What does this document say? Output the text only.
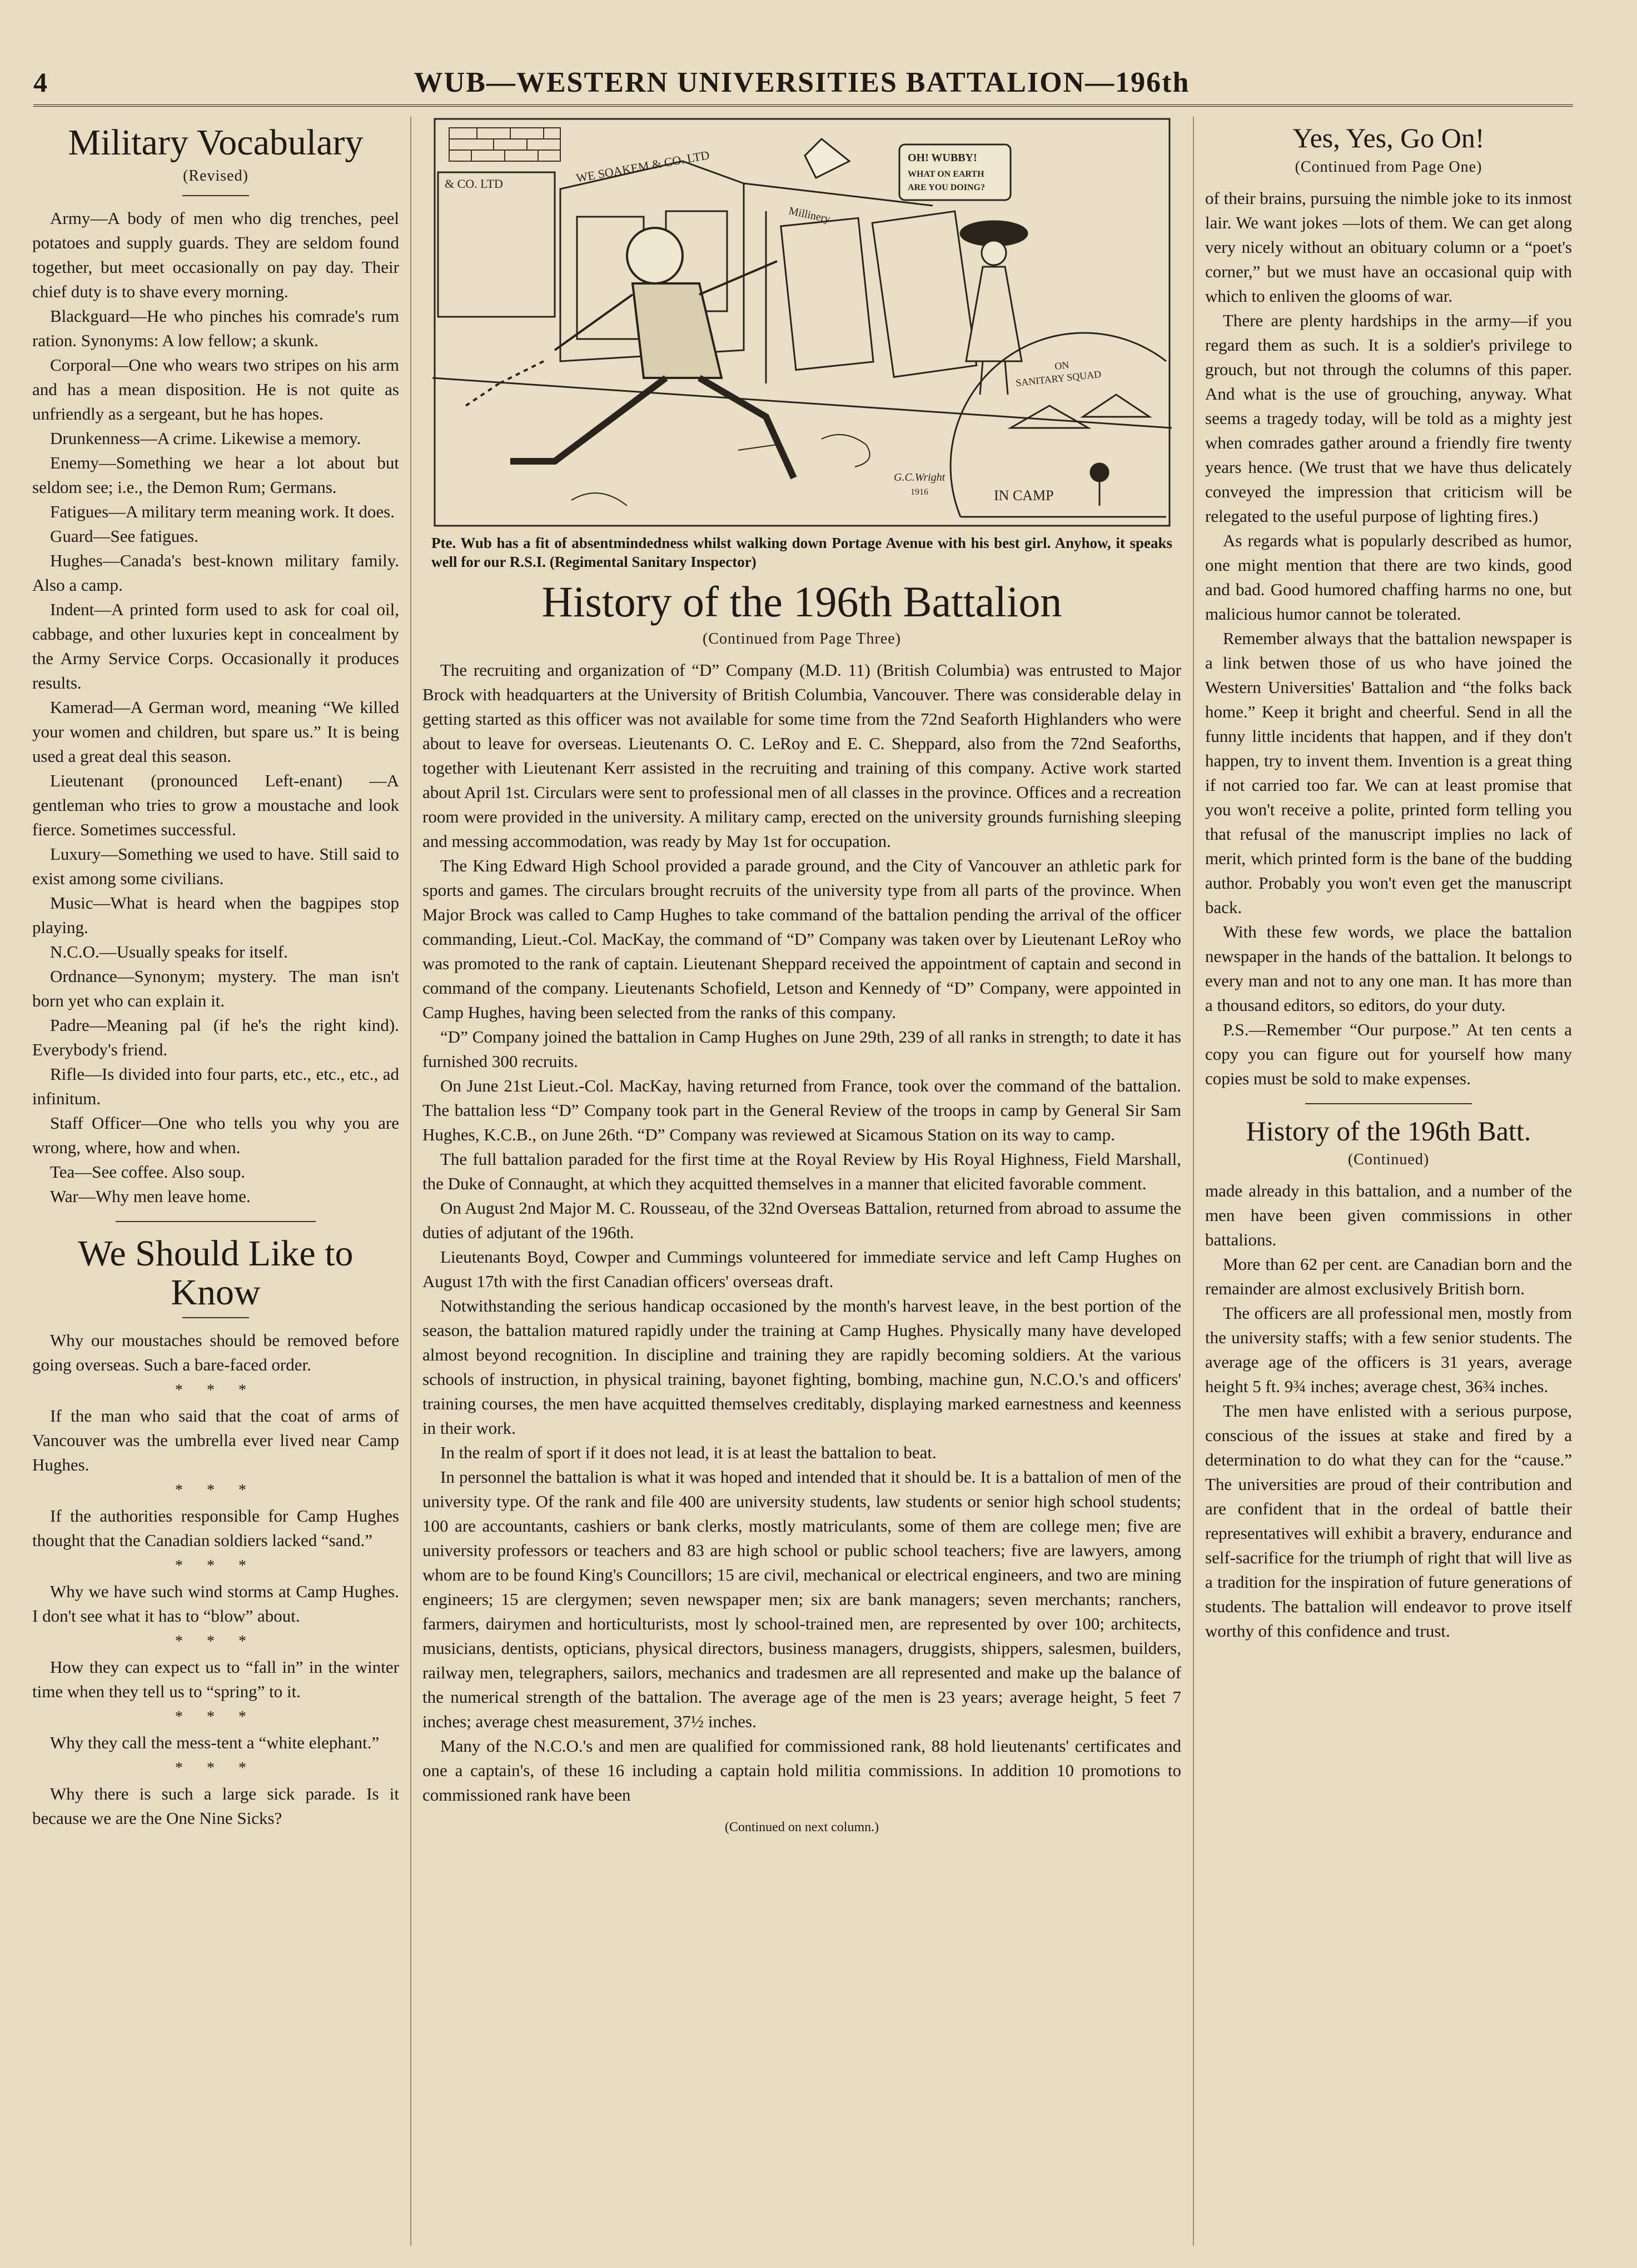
4	WUB—WESTERN UNIVERSITIES BATTALION—196th
Military Vocabulary
(Revised)

Army—A body of men who dig trenches, peel potatoes and supply guards. They are seldom found together, but meet occasionally on pay day. Their chief duty is to shave every morning.

Blackguard—He who pinches his comrade's rum ration. Synonyms: A low fellow; a skunk.

Corporal—One who wears two stripes on his arm and has a mean disposition. He is not quite as unfriendly as a sergeant, but he has hopes.

Drunkenness—A crime. Likewise a memory.

Enemy—Something we hear a lot about but seldom see; i.e., the Demon Rum; Germans.

Fatigues—A military term meaning work. It does.

Guard—See fatigues.

Hughes—Canada's best-known military family. Also a camp.

Indent—A printed form used to ask for coal oil, cabbage, and other luxuries kept in concealment by the Army Service Corps. Occasionally it produces results.

Kamerad—A German word, meaning “We killed your women and children, but spare us.” It is being used a great deal this season.

Lieutenant (pronounced Left-enant) —A gentleman who tries to grow a moustache and look fierce. Sometimes successful.

Luxury—Something we used to have. Still said to exist among some civilians.

Music—What is heard when the bagpipes stop playing.

N.C.O.—Usually speaks for itself.

Ordnance—Synonym; mystery. The man isn't born yet who can explain it.

Padre—Meaning pal (if he's the right kind). Everybody's friend.

Rifle—Is divided into four parts, etc., etc., etc., ad infinitum.

Staff Officer—One who tells you why you are wrong, where, how and when.

Tea—See coffee. Also soup.

War—Why men leave home.

We Should Like to Know

Why our moustaches should be removed before going overseas. Such a bare-faced order.

* * *

If the man who said that the coat of arms of Vancouver was the umbrella ever lived near Camp Hughes.

* * *

If the authorities responsible for Camp Hughes thought that the Canadian soldiers lacked “sand.”

* * *

Why we have such wind storms at Camp Hughes. I don't see what it has to “blow” about.

* * *

How they can expect us to “fall in” in the winter time when they tell us to “spring” to it.

* * *

Why they call the mess-tent a “white elephant.”

* * *

Why there is such a large sick parade. Is it because we are the One Nine Sicks?

& CO. LTD	WE SOAKEM & CO. LTD
Millinery
OH! WUBBY!
WHAT ON EARTH
ARE YOU DOING?
ON
SANITARY SQUAD
IN CAMP
G.C.Wright
1916
Pte. Wub has a fit of absentmindedness whilst walking down Portage Avenue with his best girl. Anyhow, it speaks well for our R.S.I. (Regimental Sanitary Inspector)
History of the 196th Battalion
(Continued from Page Three)

The recruiting and organization of “D” Company (M.D. 11) (British Columbia) was entrusted to Major Brock with headquarters at the University of British Columbia, Vancouver. There was considerable delay in getting started as this officer was not available for some time from the 72nd Seaforth Highlanders who were about to leave for overseas. Lieutenants O. C. LeRoy and E. C. Sheppard, also from the 72nd Seaforths, together with Lieutenant Kerr assisted in the recruiting and training of this company. Active work started about April 1st. Circulars were sent to professional men of all classes in the province. Offices and a recreation room were provided in the university. A military camp, erected on the university grounds furnishing sleeping and messing accommodation, was ready by May 1st for occupation.

The King Edward High School provided a parade ground, and the City of Vancouver an athletic park for sports and games. The circulars brought recruits of the university type from all parts of the province. When Major Brock was called to Camp Hughes to take command of the battalion pending the arrival of the officer commanding, Lieut.-Col. MacKay, the command of “D” Company was taken over by Lieutenant LeRoy who was promoted to the rank of captain. Lieutenant Sheppard received the appointment of captain and second in command of the company. Lieutenants Schofield, Letson and Kennedy of “D” Company, were appointed in Camp Hughes, having been selected from the ranks of this company.

“D” Company joined the battalion in Camp Hughes on June 29th, 239 of all ranks in strength; to date it has furnished 300 recruits.

On June 21st Lieut.-Col. MacKay, having returned from France, took over the command of the battalion. The battalion less “D” Company took part in the General Review of the troops in camp by General Sir Sam Hughes, K.C.B., on June 26th. “D” Company was reviewed at Sicamous Station on its way to camp.

The full battalion paraded for the first time at the Royal Review by His Royal Highness, Field Marshall, the Duke of Connaught, at which they acquitted themselves in a manner that elicited favorable comment.

On August 2nd Major M. C. Rousseau, of the 32nd Overseas Battalion, returned from abroad to assume the duties of adjutant of the 196th.

Lieutenants Boyd, Cowper and Cummings volunteered for immediate service and left Camp Hughes on August 17th with the first Canadian officers' overseas draft.

Notwithstanding the serious handicap occasioned by the month's harvest leave, in the best portion of the season, the battalion matured rapidly under the training at Camp Hughes. Physically many have developed almost beyond recognition. In discipline and training they are rapidly becoming soldiers. At the various schools of instruction, in physical training, bayonet fighting, bombing, machine gun, N.C.O.'s and officers' training courses, the men have acquitted themselves creditably, displaying marked earnestness and keenness in their work.

In the realm of sport if it does not lead, it is at least the battalion to beat.

In personnel the battalion is what it was hoped and intended that it should be. It is a battalion of men of the university type. Of the rank and file 400 are university students, law students or senior high school students; 100 are accountants, cashiers or bank clerks, mostly matriculants, some of them are college men; five are university professors or teachers and 83 are high school or public school teachers; five are lawyers, among whom are to be found King's Councillors; 15 are civil, mechanical or electrical engineers, and two are mining engineers; 15 are clergymen; seven newspaper men; six are bank managers; seven merchants; ranchers, farmers, dairymen and horticulturists, most ly school-trained men, are represented by over 100; architects, musicians, dentists, opticians, physical directors, business managers, druggists, shippers, salesmen, builders, railway men, telegraphers, sailors, mechanics and tradesmen are all represented and make up the balance of the numerical strength of the battalion. The average age of the men is 23 years; average height, 5 feet 7 inches; average chest measurement, 37½ inches.

Many of the N.C.O.'s and men are qualified for commissioned rank, 88 hold lieutenants' certificates and one a captain's, of these 16 including a captain hold militia commissions. In addition 10 promotions to commissioned rank have been

(Continued on next column.)
Yes, Yes, Go On!
(Continued from Page One)

of their brains, pursuing the nimble joke to its inmost lair. We want jokes —lots of them. We can get along very nicely without an obituary column or a “poet's corner,” but we must have an occasional quip with which to enliven the glooms of war.

There are plenty hardships in the army—if you regard them as such. It is a soldier's privilege to grouch, but not through the columns of this paper. And what is the use of grouching, anyway. What seems a tragedy today, will be told as a mighty jest when comrades gather around a friendly fire twenty years hence. (We trust that we have thus delicately conveyed the impression that criticism will be relegated to the useful purpose of lighting fires.)

As regards what is popularly described as humor, one might mention that there are two kinds, good and bad. Good humored chaffing harms no one, but malicious humor cannot be tolerated.

Remember always that the battalion newspaper is a link betwen those of us who have joined the Western Universities' Battalion and “the folks back home.” Keep it bright and cheerful. Send in all the funny little incidents that happen, and if they don't happen, try to invent them. Invention is a great thing if not carried too far. We can at least promise that you won't receive a polite, printed form telling you that refusal of the manuscript implies no lack of merit, which printed form is the bane of the budding author. Probably you won't even get the manuscript back.

With these few words, we place the battalion newspaper in the hands of the battalion. It belongs to every man and not to any one man. It has more than a thousand editors, so editors, do your duty.

P.S.—Remember “Our purpose.” At ten cents a copy you can figure out for yourself how many copies must be sold to make expenses.

History of the 196th Batt.
(Continued)

made already in this battalion, and a number of the men have been given commissions in other battalions.

More than 62 per cent. are Canadian born and the remainder are almost exclusively British born.

The officers are all professional men, mostly from the university staffs; with a few senior students. The average age of the officers is 31 years, average height 5 ft. 9¾ inches; average chest, 36¾ inches.

The men have enlisted with a serious purpose, conscious of the issues at stake and fired by a determination to do what they can for the “cause.” The universities are proud of their contribution and are confident that in the ordeal of battle their representatives will exhibit a bravery, endurance and self-sacrifice for the triumph of right that will live as a tradition for the inspiration of future generations of students. The battalion will endeavor to prove itself worthy of this confidence and trust.
